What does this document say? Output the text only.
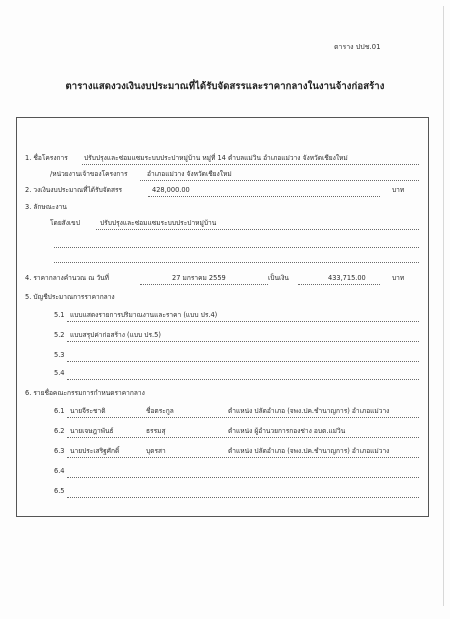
ตาราง ปปช.01
ตารางแสดงวงเงินงบประมาณที่ได้รับจัดสรรและราคากลางในงานจ้างก่อสร้าง
1. ชื่อโครงการ ปรับปรุงและซ่อมแซมระบบประปาหมู่บ้าน หมู่ที่ 14 ตำบลแม่วิน อำเภอแม่วาง จังหวัดเชียงใหม่
/หน่วยงานเจ้าของโครงการ	อำเภอแม่วาง จังหวัดเชียงใหม่
2. วงเงินงบประมาณที่ได้รับจัดสรร	428,000.00	บาท
3. ลักษณะงาน
โดยสังเขป	ปรับปรุงและซ่อมแซมระบบประปาหมู่บ้าน
4. ราคากลางคำนวณ ณ วันที่	27 มกราคม 2559	เป็นเงิน	433,715.00	บาท
5. บัญชีประมาณการราคากลาง
5.1 แบบแสดงรายการปริมาณงานและราคา (แบบ ปร.4)
5.2 แบบสรุปค่าก่อสร้าง (แบบ ปร.5)
5.3
5.4
6. รายชื่อคณะกรรมการกำหนดราคากลาง
6.1 นายจีระชาติ	ชื่อตระกูล	ตำแหน่ง ปลัดอำเภอ (จพง.ปค.ชำนาญการ) อำเภอแม่วาง
6.2 นายเจษฎาพันธ์	ธรรมสุ	ตำแหน่ง ผู้อำนวยการกองช่าง อบต.แม่วิน
6.3 นายประเสริฐศักดิ์	บุตรสา	ตำแหน่ง ปลัดอำเภอ (จพง.ปค.ชำนาญการ) อำเภอแม่วาง
6.4
6.5
